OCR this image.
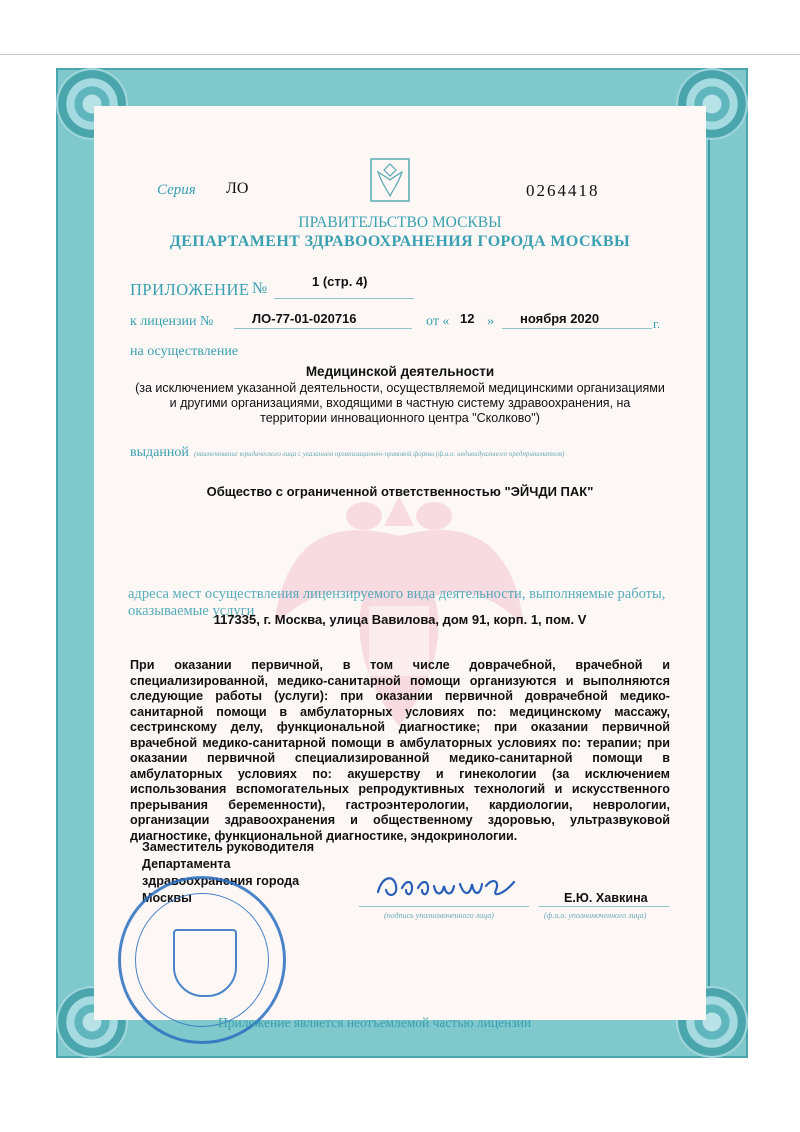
Серия ЛО	0264418
ПРАВИТЕЛЬСТВО МОСКВЫ
ДЕПАРТАМЕНТ ЗДРАВООХРАНЕНИЯ ГОРОДА МОСКВЫ
ПРИЛОЖЕНИЕ №	1 (стр. 4)
к лицензии №	ЛО-77-01-020716	от « 12 » ноября 2020	г.
на осуществление
Медицинской деятельности
(за исключением указанной деятельности, осуществляемой медицинскими организациями
и другими организациями, входящими в частную систему здравоохранения, на
территории инновационного центра "Сколково")
выданной (наименование юридического лица с указанием организационно-правовой формы (ф.и.о. индивидуального предпринимателя)
Общество с ограниченной ответственностью "ЭЙЧДИ ПАК"
адреса мест осуществления лицензируемого вида деятельности, выполняемые работы,
оказываемые услуги
117335, г. Москва, улица Вавилова, дом 91, корп. 1, пом. V
При оказании первичной, в том числе доврачебной, врачебной и
специализированной, медико-санитарной помощи организуются и выполняются
следующие работы (услуги): при оказании первичной доврачебной медико-
санитарной помощи в амбулаторных условиях по: медицинскому массажу,
сестринскому делу, функциональной диагностике; при оказании первичной
врачебной медико-санитарной помощи в амбулаторных условиях по: терапии; при
оказании первичной специализированной медико-санитарной помощи в
амбулаторных условиях по: акушерству и гинекологии (за исключением
использования вспомогательных репродуктивных технологий и искусственного
прерывания беременности), гастроэнтерологии, кардиологии, неврологии,
организации здравоохранения и общественному здоровью, ультразвуковой
диагностике, функциональной диагностике, эндокринологии.
Заместитель руководителя
Департамента
здравоохранения города
Москвы
(подпись уполномоченного лица)
Е.Ю. Хавкина
(ф.и.о. уполномоченного лица)
Приложение является неотъемлемой частью лицензии
